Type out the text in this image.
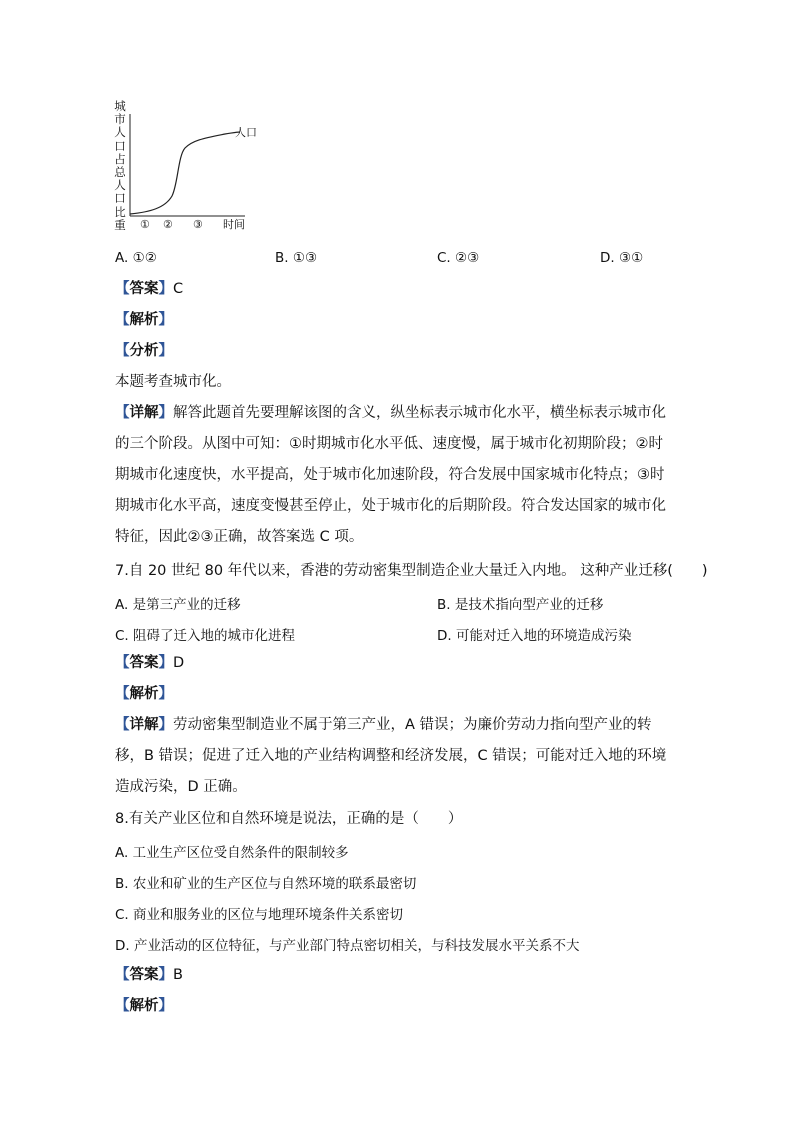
城市人口占总人口比重
人口
① ② ③ 时间
A. ①②	B. ①③	C. ②③	D. ③①
【答案】C
【解析】
【分析】
本题考查城市化。
【详解】解答此题首先要理解该图的含义，纵坐标表示城市化水平，横坐标表示城市化的三个阶段。从图中可知：①时期城市化水平低、速度慢，属于城市化初期阶段；②时期城市化速度快，水平提高，处于城市化加速阶段，符合发展中国家城市化特点；③时期城市化水平高，速度变慢甚至停止，处于城市化的后期阶段。符合发达国家的城市化特征，因此②③正确，故答案选 C 项。
7.自 20 世纪 80 年代以来，香港的劳动密集型制造企业大量迁入内地。 这种产业迁移(　　)
A. 是第三产业的迁移	B. 是技术指向型产业的迁移
C. 阻碍了迁入地的城市化进程	D. 可能对迁入地的环境造成污染
【答案】D
【解析】
【详解】劳动密集型制造业不属于第三产业，A 错误；为廉价劳动力指向型产业的转移，B 错误；促进了迁入地的产业结构调整和经济发展，C 错误；可能对迁入地的环境造成污染，D 正确。
8.有关产业区位和自然环境是说法，正确的是（　　）
A. 工业生产区位受自然条件的限制较多
B. 农业和矿业的生产区位与自然环境的联系最密切
C. 商业和服务业的区位与地理环境条件关系密切
D. 产业活动的区位特征，与产业部门特点密切相关，与科技发展水平关系不大
【答案】B
【解析】
